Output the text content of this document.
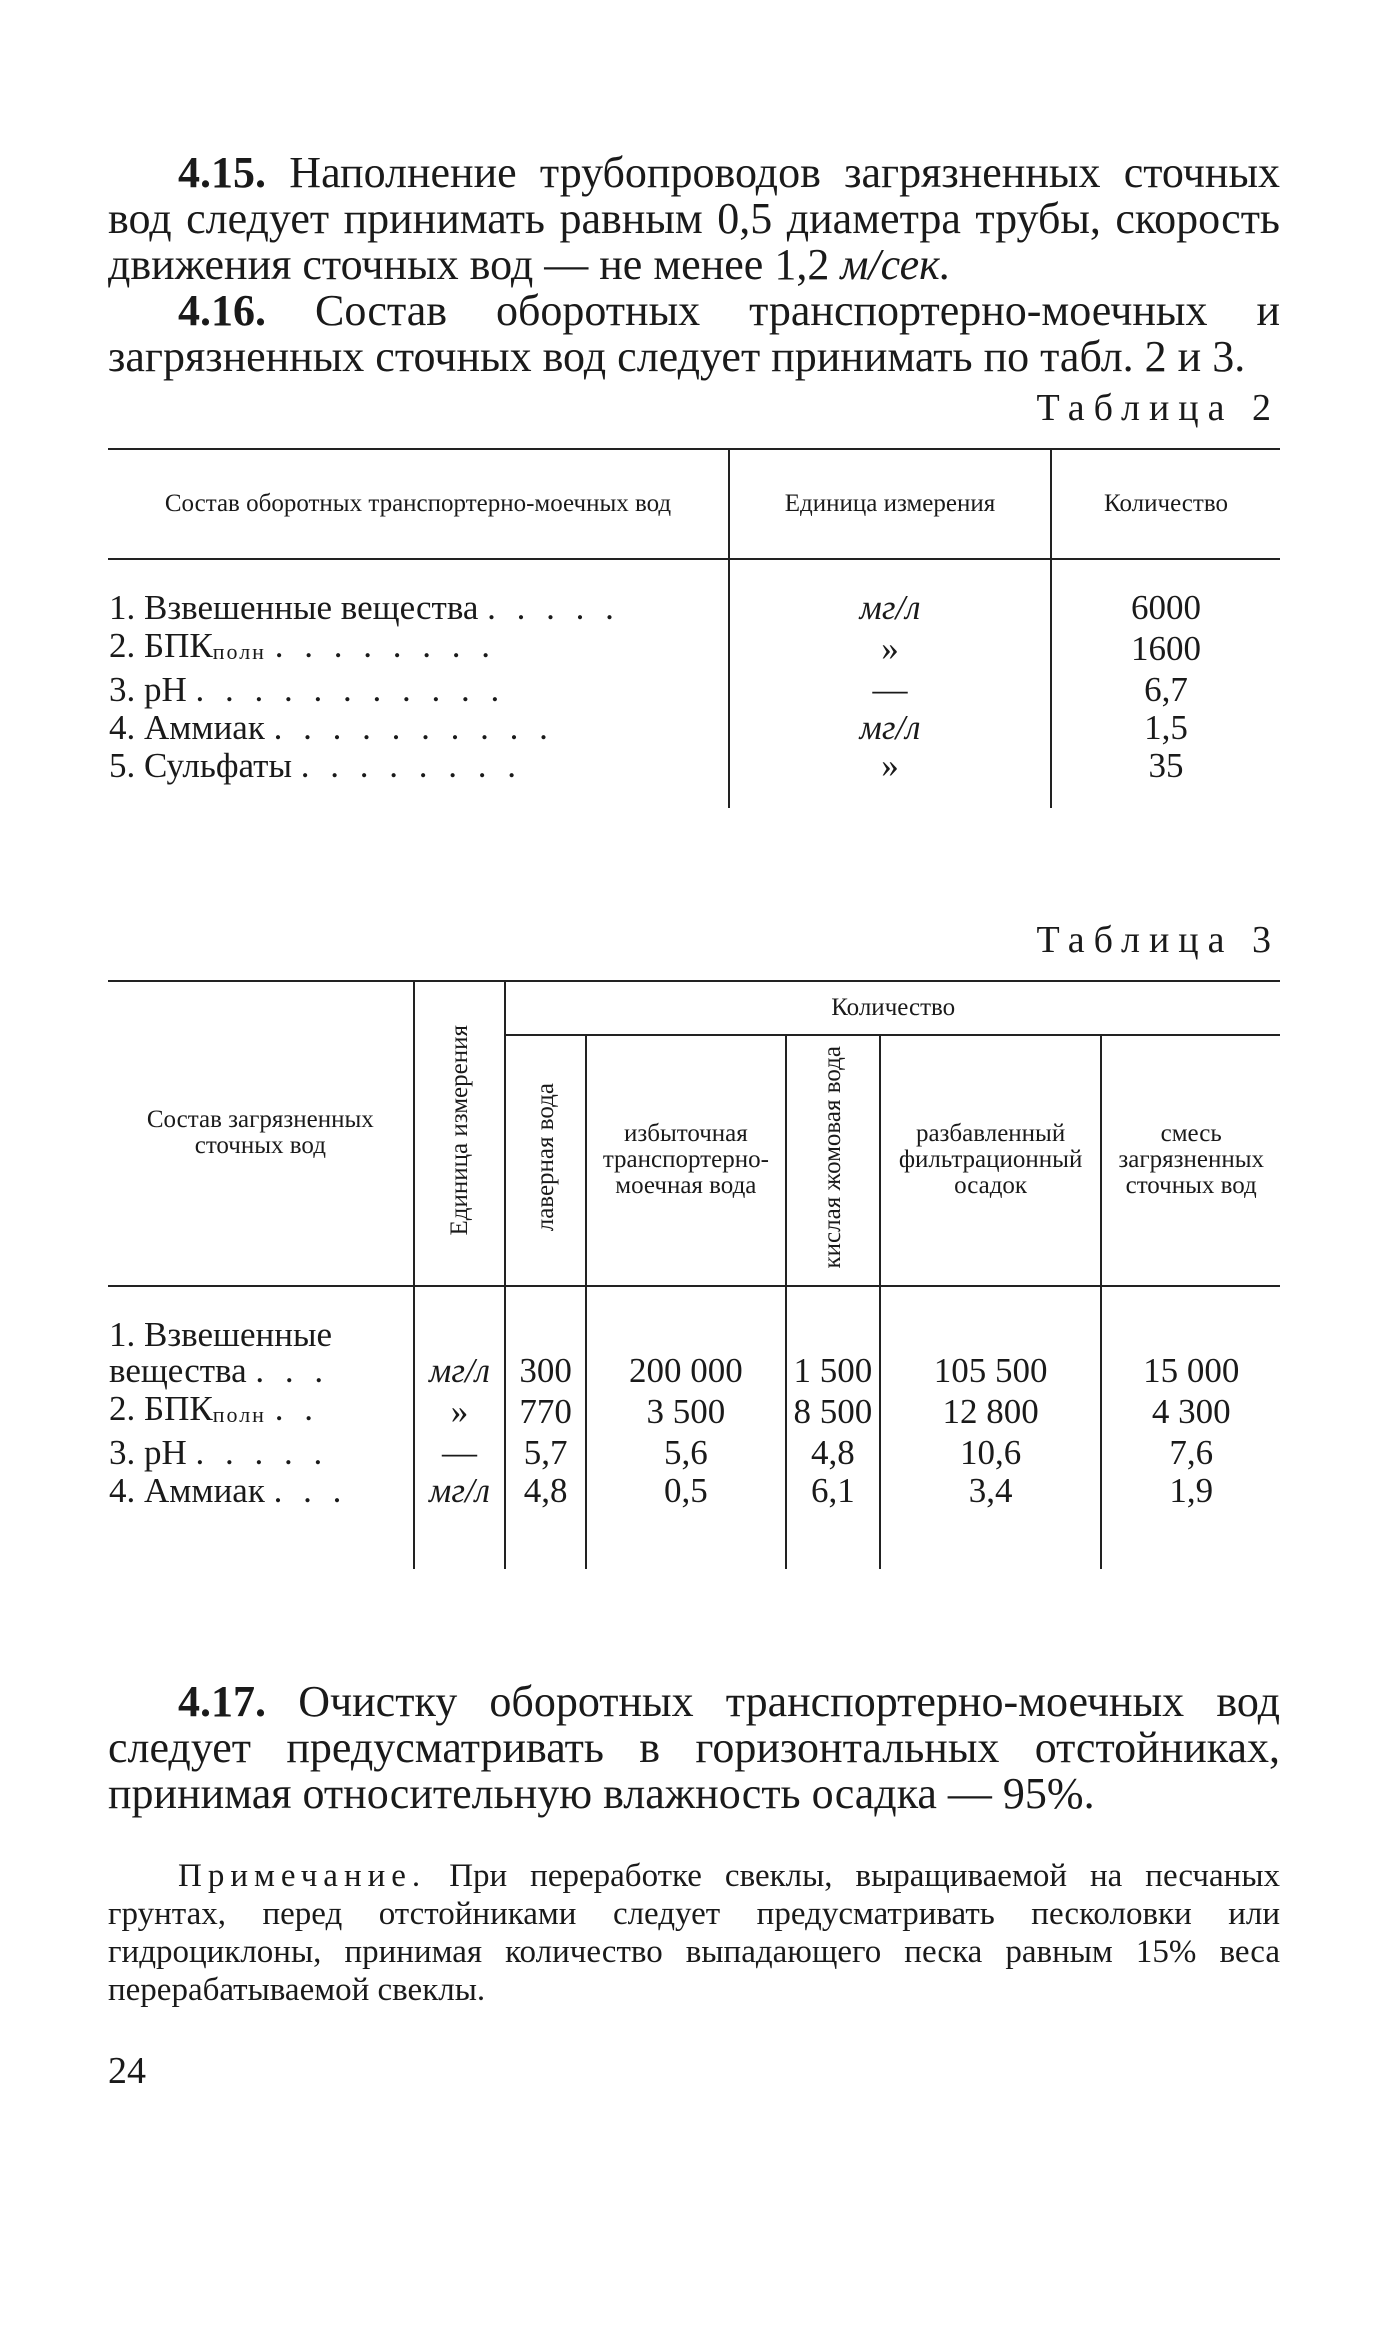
4.15. Наполнение трубопроводов загрязненных сточных вод следует принимать равным 0,5 диаметра трубы, скорость движения сточных вод — не менее 1,2 м/сек.

4.16. Состав оборотных транспортерно-моечных и загрязненных сточных вод следует принимать по табл. 2 и 3.

Таблица 2

Состав оборотных транспортерно-моечных вод	Единица измерения	Количество
1. Взвешенные вещества . . . . .	мг/л	6000
2. $БПК_{полн}$ . . . . . . . .	»	1600
3. pH . . . . . . . . . . .	—	6,7
4. Аммиак . . . . . . . . . .	мг/л	1,5
5. Сульфаты . . . . . . . .	»	35

Таблица 3

Состав загрязненных сточных вод	Единица измерения	Количество				
		лаверная вода	избыточная транспортерно-моечная вода	кислая жомовая вода	разбавленный фильтрационный осадок	смесь загрязненных сточных вод
1. Взвешенные вещества . . .	мг/л	300	200 000	1 500	105 500	15 000
2. $БПК_{полн}$ . .	»	770	3 500	8 500	12 800	4 300
3. pH . . . . .	—	5,7	5,6	4,8	10,6	7,6
4. Аммиак . . .	мг/л	4,8	0,5	6,1	3,4	1,9

4.17. Очистку оборотных транспортерно-моечных вод следует предусматривать в горизонтальных отстойниках, принимая относительную влажность осадка — 95%.

Примечание. При переработке свеклы, выращиваемой на песчаных грунтах, перед отстойниками следует предусматривать песколовки или гидроциклоны, принимая количество выпадающего песка равным 15% веса перерабатываемой свеклы.

24
